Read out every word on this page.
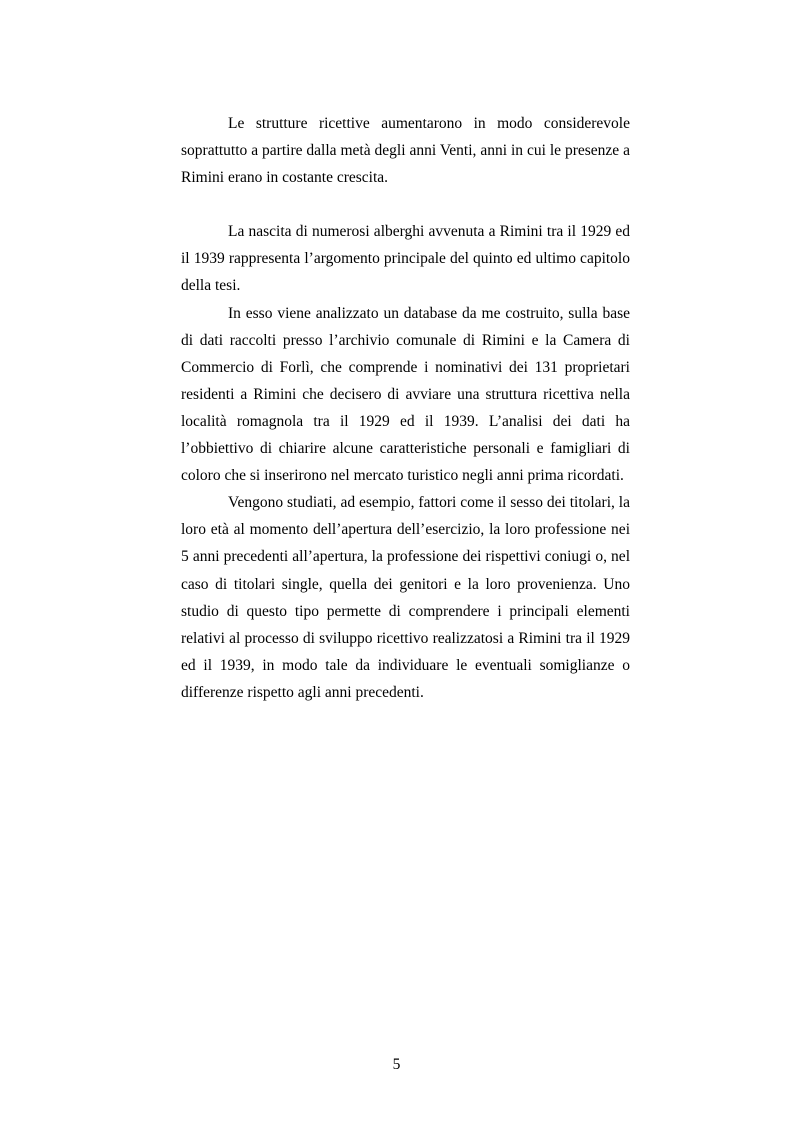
Le strutture ricettive aumentarono in modo considerevole soprattutto a partire dalla metà degli anni Venti, anni in cui le presenze a Rimini erano in costante crescita.

La nascita di numerosi alberghi avvenuta a Rimini tra il 1929 ed il 1939 rappresenta l’argomento principale del quinto ed ultimo capitolo della tesi.

In esso viene analizzato un database da me costruito, sulla base di dati raccolti presso l’archivio comunale di Rimini e la Camera di Commercio di Forlì, che comprende i nominativi dei 131 proprietari residenti a Rimini che decisero di avviare una struttura ricettiva nella località romagnola tra il 1929 ed il 1939. L’analisi dei dati ha l’obbiettivo di chiarire alcune caratteristiche personali e famigliari di coloro che si inserirono nel mercato turistico negli anni prima ricordati.

Vengono studiati, ad esempio, fattori come il sesso dei titolari, la loro età al momento dell’apertura dell’esercizio, la loro professione nei 5 anni precedenti all’apertura, la professione dei rispettivi coniugi o, nel caso di titolari single, quella dei genitori e la loro provenienza. Uno studio di questo tipo permette di comprendere i principali elementi relativi al processo di sviluppo ricettivo realizzatosi a Rimini tra il 1929 ed il 1939, in modo tale da individuare le eventuali somiglianze o differenze rispetto agli anni precedenti.

5
